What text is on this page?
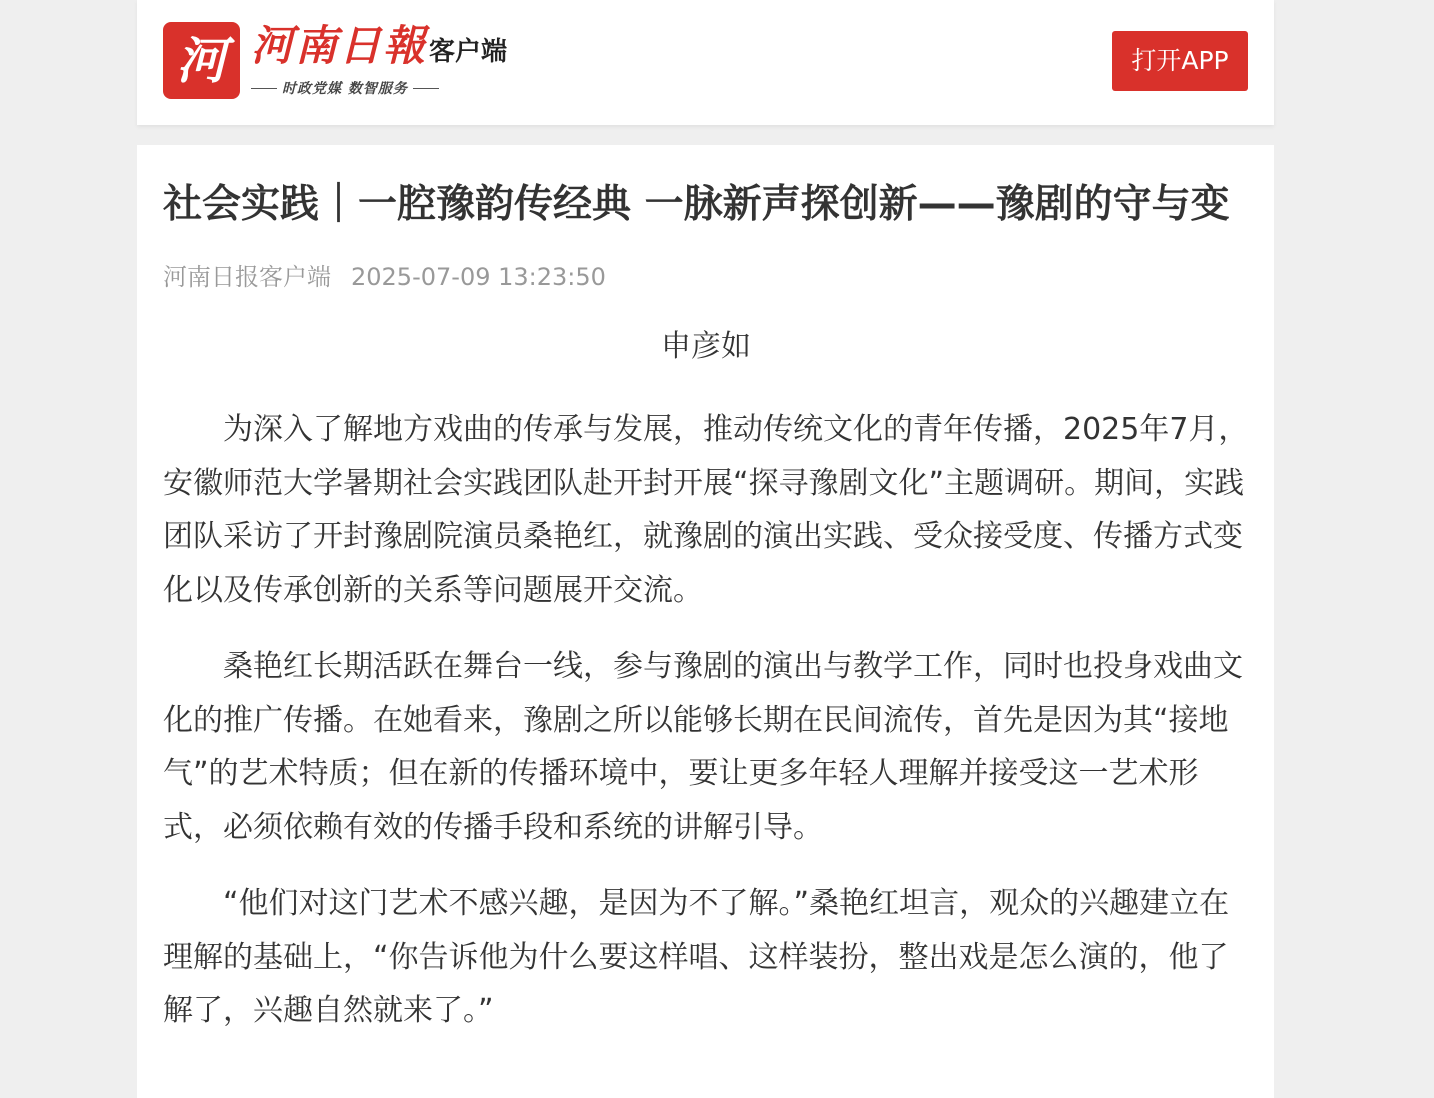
河 河南日報客户端
时政党媒 数智服务
打开APP
社会实践｜一腔豫韵传经典 一脉新声探创新——豫剧的守与变
河南日报客户端 2025-07-09 13:23:50
申彦如

为深入了解地方戏曲的传承与发展，推动传统文化的青年传播，2025年7月，安徽师范大学暑期社会实践团队赴开封开展“探寻豫剧文化”主题调研。期间，实践团队采访了开封豫剧院演员桑艳红，就豫剧的演出实践、受众接受度、传播方式变化以及传承创新的关系等问题展开交流。

桑艳红长期活跃在舞台一线，参与豫剧的演出与教学工作，同时也投身戏曲文化的推广传播。在她看来，豫剧之所以能够长期在民间流传，首先是因为其“接地气”的艺术特质；但在新的传播环境中，要让更多年轻人理解并接受这一艺术形式，必须依赖有效的传播手段和系统的讲解引导。

“他们对这门艺术不感兴趣，是因为不了解。”桑艳红坦言，观众的兴趣建立在理解的基础上，“你告诉他为什么要这样唱、这样装扮，整出戏是怎么演的，他了解了，兴趣自然就来了。”
